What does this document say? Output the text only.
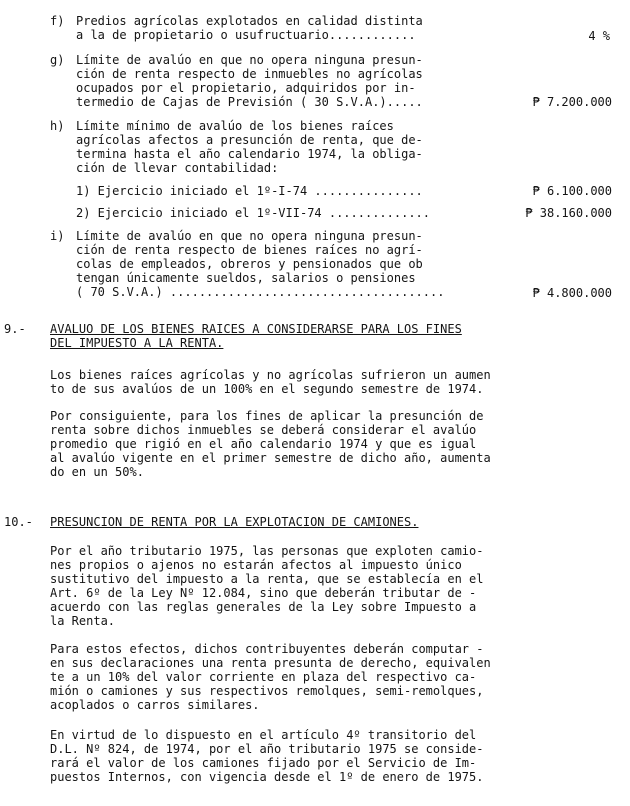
f) Predios agrícolas explotados en calidad distinta
a la de propietario o usufructuario............	4 %
g) Límite de avalúo en que no opera ninguna presun-
ción de renta respecto de inmuebles no agrícolas
ocupados por el propietario, adquiridos por in-
termedio de Cajas de Previsión ( 30 S.V.A.).....	₱ 7.200.000
h) Límite mínimo de avalúo de los bienes raíces
agrícolas afectos a presunción de renta, que de-
termina hasta el año calendario 1974, la obliga-
ción de llevar contabilidad:
1) Ejercicio iniciado el 1º-I-74 ...............	₱ 6.100.000
2) Ejercicio iniciado el 1º-VII-74 ..............	₱ 38.160.000
i) Límite de avalúo en que no opera ninguna presun-
ción de renta respecto de bienes raíces no agrí-
colas de empleados, obreros y pensionados que ob
tengan únicamente sueldos, salarios o pensiones
( 70 S.V.A.) ......................................	₱ 4.800.000
9.- AVALUO DE LOS BIENES RAICES A CONSIDERARSE PARA LOS FINES
DEL IMPUESTO A LA RENTA.
Los bienes raíces agrícolas y no agrícolas sufrieron un aumen
to de sus avalúos de un 100% en el segundo semestre de 1974.
Por consiguiente, para los fines de aplicar la presunción de
renta sobre dichos inmuebles se deberá considerar el avalúo
promedio que rigió en el año calendario 1974 y que es igual
al avalúo vigente en el primer semestre de dicho año, aumenta
do en un 50%.
10.- PRESUNCION DE RENTA POR LA EXPLOTACION DE CAMIONES.
Por el año tributario 1975, las personas que exploten camio-
nes propios o ajenos no estarán afectos al impuesto único
sustitutivo del impuesto a la renta, que se establecía en el
Art. 6º de la Ley Nº 12.084, sino que deberán tributar de -
acuerdo con las reglas generales de la Ley sobre Impuesto a
la Renta.
Para estos efectos, dichos contribuyentes deberán computar -
en sus declaraciones una renta presunta de derecho, equivalen
te a un 10% del valor corriente en plaza del respectivo ca-
mión o camiones y sus respectivos remolques, semi-remolques,
acoplados o carros similares.
En virtud de lo dispuesto en el artículo 4º transitorio del
D.L. Nº 824, de 1974, por el año tributario 1975 se conside-
rará el valor de los camiones fijado por el Servicio de Im-
puestos Internos, con vigencia desde el 1º de enero de 1975.
